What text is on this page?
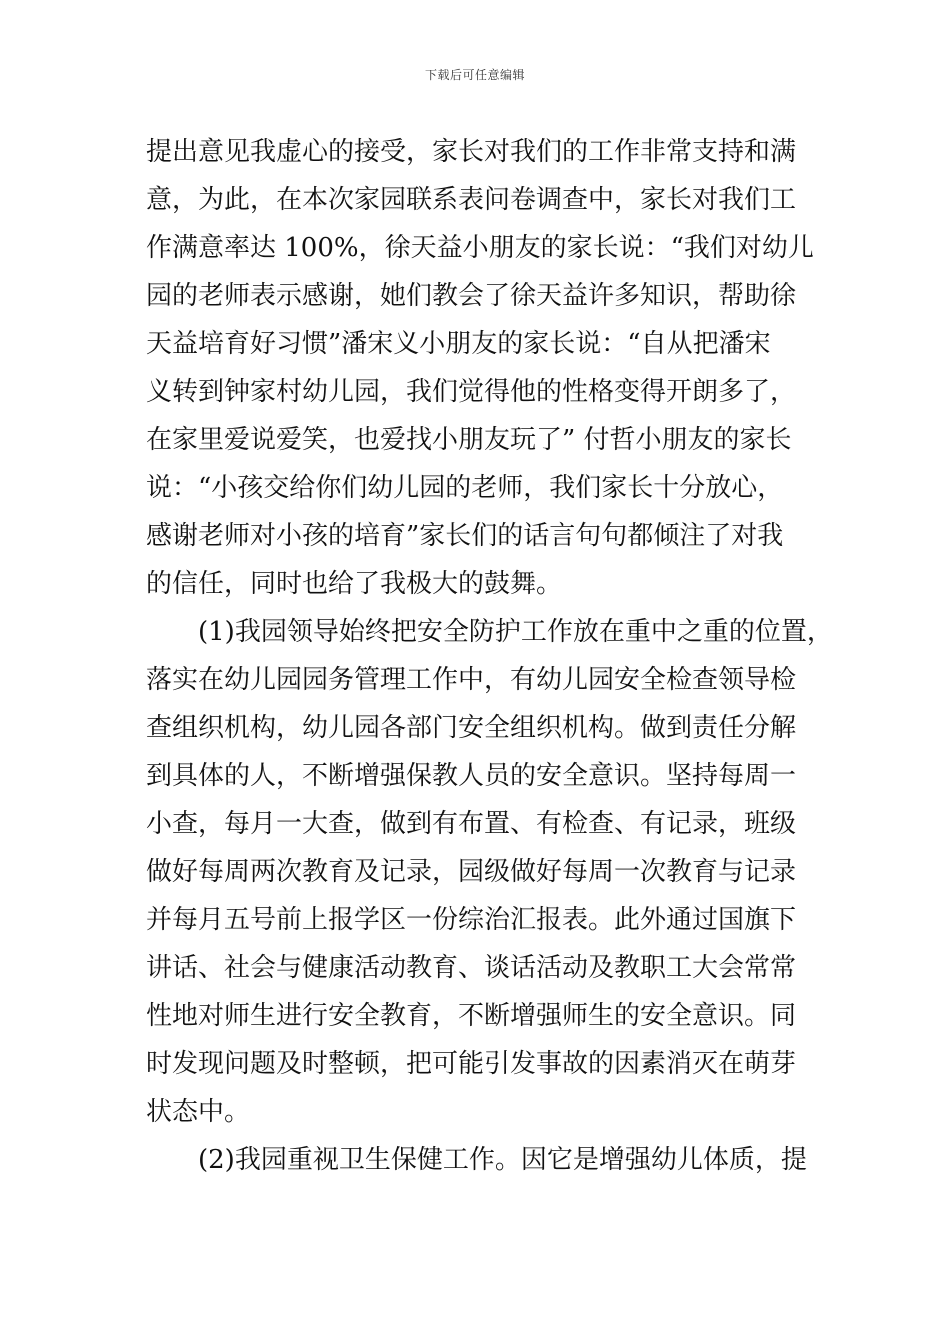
下载后可任意编辑
提出意见我虚心的接受，家长对我们的工作非常支持和满
意，为此，在本次家园联系表问卷调查中，家长对我们工
作满意率达 100%，徐天益小朋友的家长说：“我们对幼儿
园的老师表示感谢，她们教会了徐天益许多知识，帮助徐
天益培育好习惯”潘宋义小朋友的家长说：“自从把潘宋
义转到钟家村幼儿园，我们觉得他的性格变得开朗多了，
在家里爱说爱笑，也爱找小朋友玩了” 付哲小朋友的家长
说：“小孩交给你们幼儿园的老师，我们家长十分放心，
感谢老师对小孩的培育”家长们的话言句句都倾注了对我
的信任，同时也给了我极大的鼓舞。
(1)我园领导始终把安全防护工作放在重中之重的位置，
落实在幼儿园园务管理工作中，有幼儿园安全检查领导检
查组织机构，幼儿园各部门安全组织机构。做到责任分解
到具体的人，不断增强保教人员的安全意识。坚持每周一
小查，每月一大查，做到有布置、有检查、有记录，班级
做好每周两次教育及记录，园级做好每周一次教育与记录
并每月五号前上报学区一份综治汇报表。此外通过国旗下
讲话、社会与健康活动教育、谈话活动及教职工大会常常
性地对师生进行安全教育，不断增强师生的安全意识。同
时发现问题及时整顿，把可能引发事故的因素消灭在萌芽
状态中。
(2)我园重视卫生保健工作。因它是增强幼儿体质，提
